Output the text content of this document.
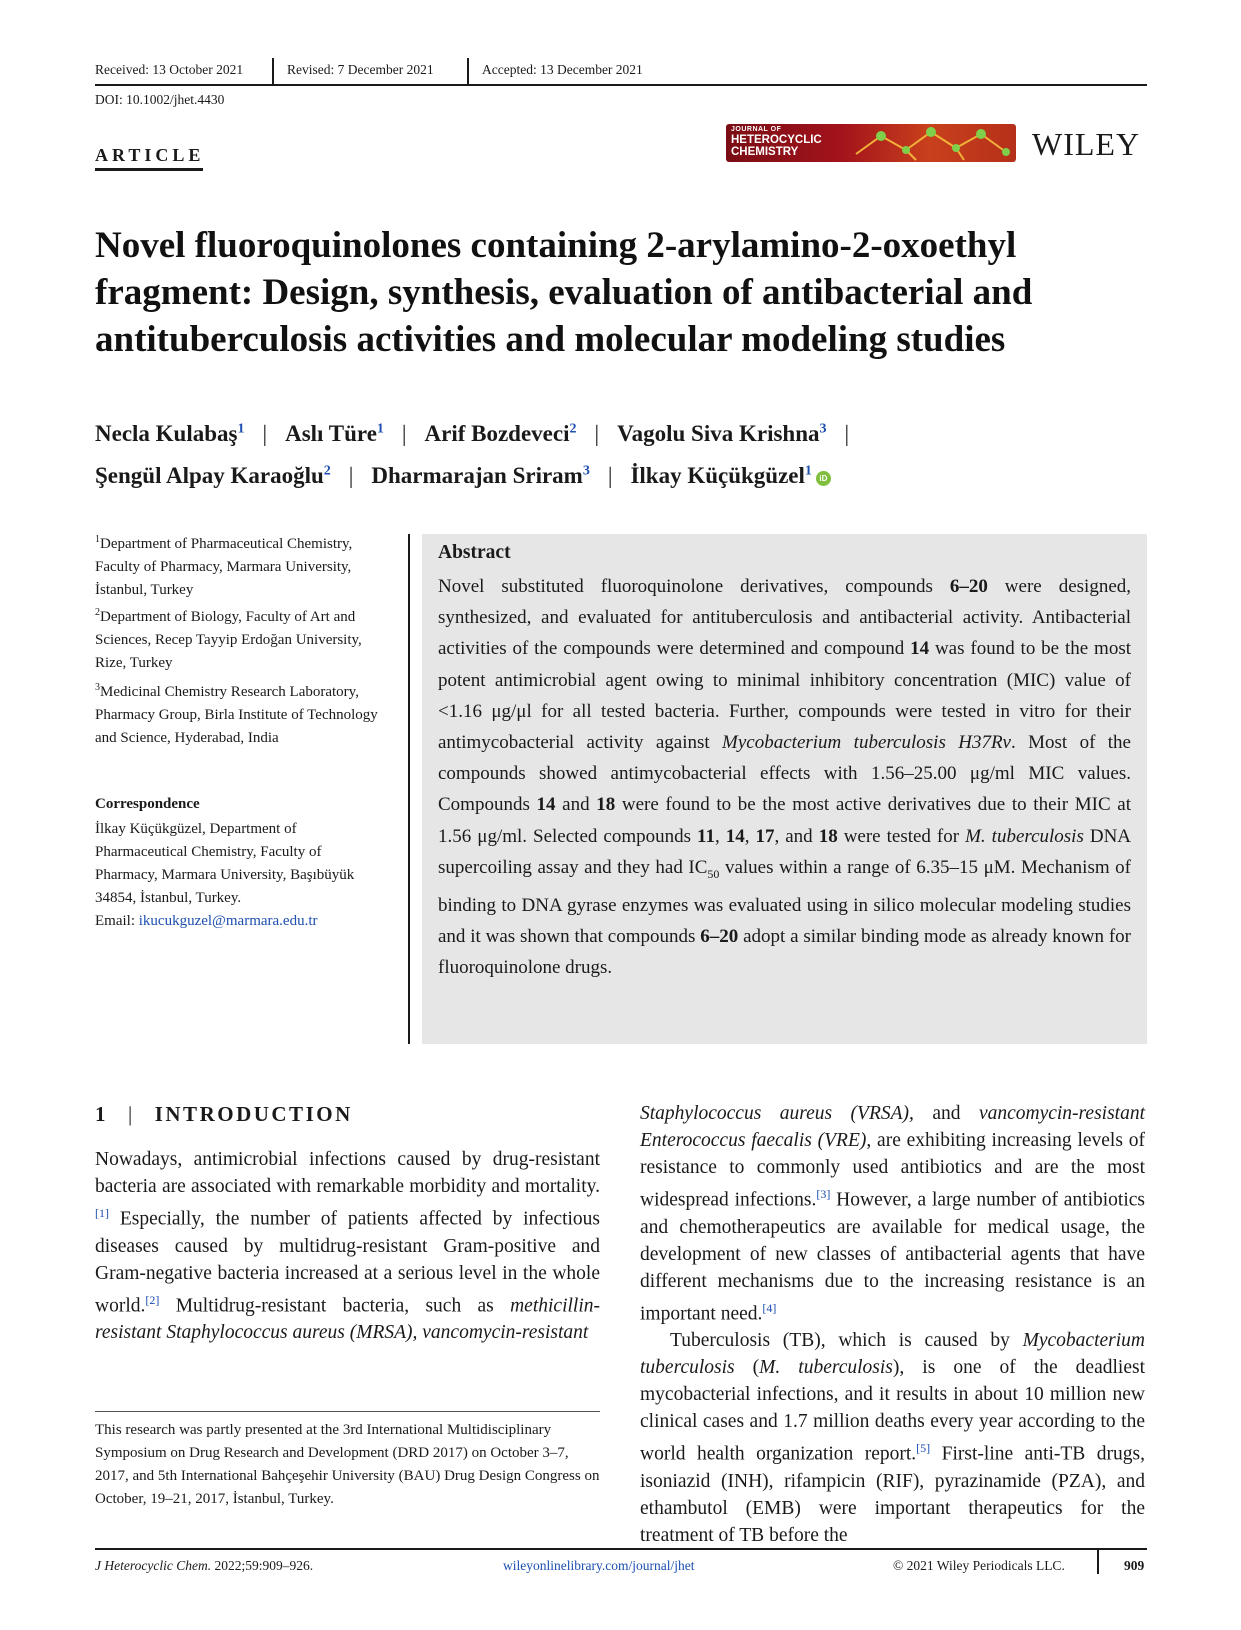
Received: 13 October 2021	Revised: 7 December 2021	Accepted: 13 December 2021
DOI: 10.1002/jhet.4430
ARTICLE
JOURNAL OF
HETEROCYCLIC
CHEMISTRY	WILEY
Novel fluoroquinolones containing 2-arylamino-2-oxoethyl fragment: Design, synthesis, evaluation of antibacterial and antituberculosis activities and molecular modeling studies
Necla Kulabaş$^1$ | Aslı Türe$^1$ | Arif Bozdeveci$^2$ | Vagolu Siva Krishna$^3$ |
Şengül Alpay Karaoğlu$^2$ | Dharmarajan Sriram$^3$ | İlkay Küçükgüzel$^1$ iD
$^1$Department of Pharmaceutical Chemistry, Faculty of Pharmacy, Marmara University, İstanbul, Turkey
$^2$Department of Biology, Faculty of Art and Sciences, Recep Tayyip Erdoğan University, Rize, Turkey
$^3$Medicinal Chemistry Research Laboratory, Pharmacy Group, Birla Institute of Technology and Science, Hyderabad, India
Correspondence
İlkay Küçükgüzel, Department of Pharmaceutical Chemistry, Faculty of Pharmacy, Marmara University, Başıbüyük 34854, İstanbul, Turkey.
Email: ikucukguzel@marmara.edu.tr
Abstract
Novel substituted fluoroquinolone derivatives, compounds 6–20 were designed, synthesized, and evaluated for antituberculosis and antibacterial activity. Antibacterial activities of the compounds were determined and compound 14 was found to be the most potent antimicrobial agent owing to minimal inhibitory concentration (MIC) value of <1.16 μg/μl for all tested bacteria. Further, compounds were tested in vitro for their antimycobacterial activity against Mycobacterium tuberculosis H37Rv. Most of the compounds showed antimycobacterial effects with 1.56–25.00 μg/ml MIC values. Compounds 14 and 18 were found to be the most active derivatives due to their MIC at 1.56 μg/ml. Selected compounds 11, 14, 17, and 18 were tested for M. tuberculosis DNA supercoiling assay and they had $IC_{50}$ values within a range of 6.35–15 μM. Mechanism of binding to DNA gyrase enzymes was evaluated using in silico molecular modeling studies and it was shown that compounds 6–20 adopt a similar binding mode as already known for fluoroquinolone drugs.
1 | INTRODUCTION
Nowadays, antimicrobial infections caused by drug-resistant bacteria are associated with remarkable morbidity and mortality.[1] Especially, the number of patients affected by infectious diseases caused by multidrug-resistant Gram-positive and Gram-negative bacteria increased at a serious level in the whole world.[2] Multidrug-resistant bacteria, such as methicillin-resistant Staphylococcus aureus (MRSA), vancomycin-resistant
This research was partly presented at the 3rd International Multidisciplinary Symposium on Drug Research and Development (DRD 2017) on October 3–7, 2017, and 5th International Bahçeşehir University (BAU) Drug Design Congress on October, 19–21, 2017, İstanbul, Turkey.
Staphylococcus aureus (VRSA), and vancomycin-resistant Enterococcus faecalis (VRE), are exhibiting increasing levels of resistance to commonly used antibiotics and are the most widespread infections.[3] However, a large number of antibiotics and chemotherapeutics are available for medical usage, the development of new classes of antibacterial agents that have different mechanisms due to the increasing resistance is an important need.[4]
Tuberculosis (TB), which is caused by Mycobacterium tuberculosis (M. tuberculosis), is one of the deadliest mycobacterial infections, and it results in about 10 million new clinical cases and 1.7 million deaths every year according to the world health organization report.[5] First-line anti-TB drugs, isoniazid (INH), rifampicin (RIF), pyrazinamide (PZA), and ethambutol (EMB) were important therapeutics for the treatment of TB before the
J Heterocyclic Chem. 2022;59:909–926.	wileyonlinelibrary.com/journal/jhet	© 2021 Wiley Periodicals LLC.	909
